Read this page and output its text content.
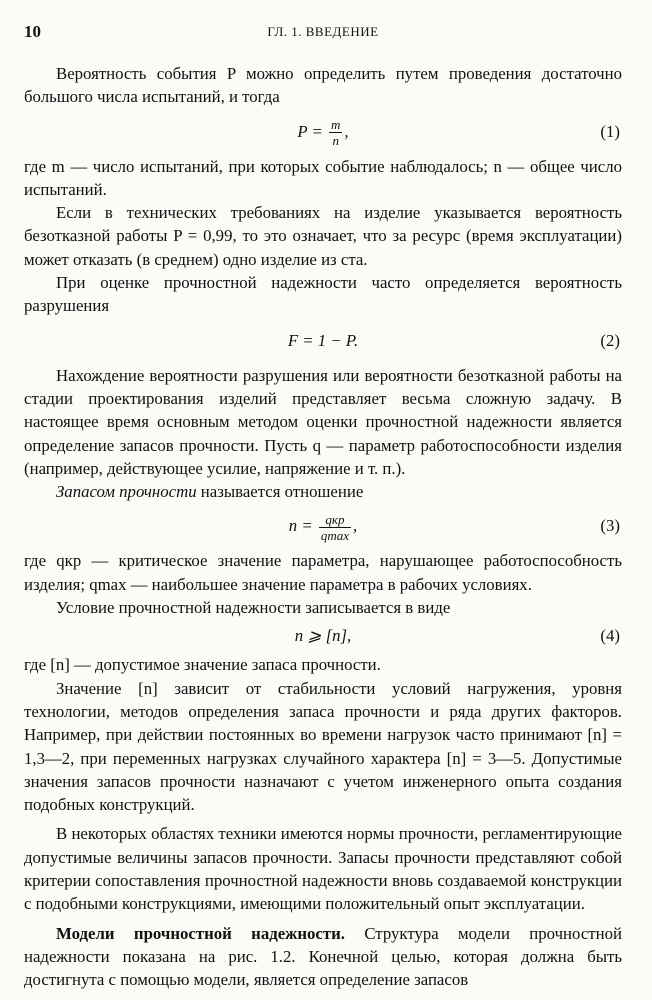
10	ГЛ. 1. ВВЕДЕНИЕ

Вероятность события P можно определить путем проведения достаточно большого числа испытаний, и тогда

$P = \frac{m}{n}$ ,	(1)

где m — число испытаний, при которых событие наблюдалось; n — общее число испытаний.

Если в технических требованиях на изделие указывается вероятность безотказной работы P = 0,99, то это означает, что за ресурс (время эксплуатации) может отказать (в среднем) одно изделие из ста.

При оценке прочностной надежности часто определяется вероятность разрушения

F = 1 − P.	(2)

Нахождение вероятности разрушения или вероятности безотказной работы на стадии проектирования изделий представляет весьма сложную задачу. В настоящее время основным методом оценки прочностной надежности является определение запасов прочности. Пусть q — параметр работоспособности изделия (например, действующее усилие, напряжение и т. п.).

Запасом прочности называется отношение

$n = \frac{\text{qкр}}{qmax}$ ,	(3)

где qкр — критическое значение параметра, нарушающее работоспособность изделия; qmax — наибольшее значение параметра в рабочих условиях.

Условие прочностной надежности записывается в виде

n ⩾ [n],	(4)

где [n] — допустимое значение запаса прочности.

Значение [n] зависит от стабильности условий нагружения, уровня технологии, методов определения запаса прочности и ряда других факторов. Например, при действии постоянных во времени нагрузок часто принимают [n] = 1,3—2, при переменных нагрузках случайного характера [n] = 3—5. Допустимые значения запасов прочности назначают с учетом инженерного опыта создания подобных конструкций.

В некоторых областях техники имеются нормы прочности, регламентирующие допустимые величины запасов прочности. Запасы прочности представляют собой критерии сопоставления прочностной надежности вновь создаваемой конструкции с подобными конструкциями, имеющими положительный опыт эксплуатации.

Модели прочностной надежности. Структура модели прочностной надежности показана на рис. 1.2. Конечной целью, которая должна быть достигнута с помощью модели, является определение запасов
